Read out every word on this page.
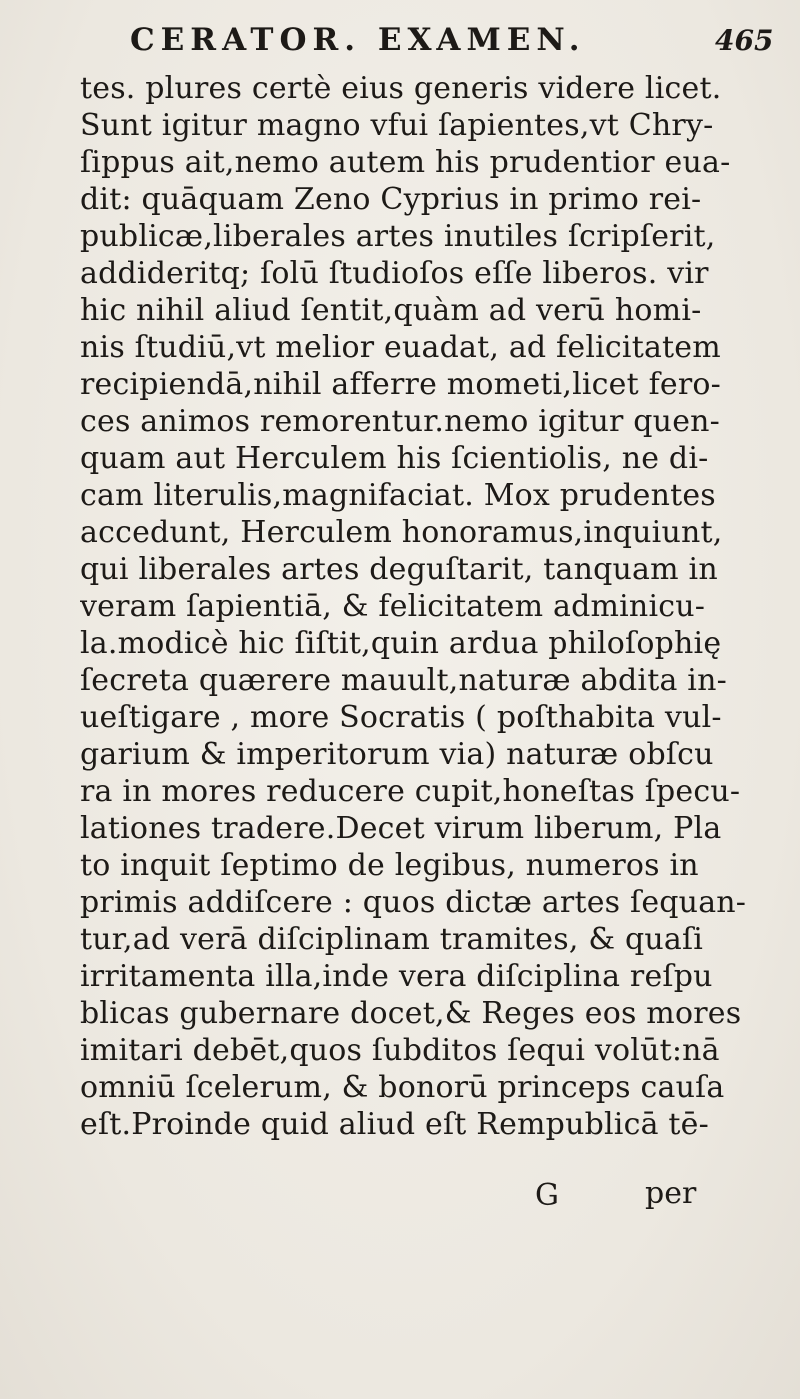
CERATOR. EXAMEN.	465
tes. plures certè eius generis videre licet.
Sunt igitur magno vfui ſapientes,vt Chry-
ſippus ait,nemo autem his prudentior eua-
dit: quāquam Zeno Cyprius in primo rei-
publicæ,liberales artes inutiles ſcripſerit,
addideritq; ſolū ſtudioſos eſſe liberos. vir
hic nihil aliud ſentit,quàm ad verū homi-
nis ſtudiū,vt melior euadat, ad felicitatem
recipiendā,nihil afferre mometi,licet fero-
ces animos remorentur.nemo igitur quen-
quam aut Herculem his ſcientiolis, ne di-
cam literulis,magnifaciat. Mox prudentes
accedunt, Herculem honoramus,inquiunt,
qui liberales artes deguſtarit, tanquam in
veram ſapientiā, & felicitatem adminicu-
la.modicè hic ſiſtit,quin ardua philoſophię
ſecreta quærere mauult,naturæ abdita in-
ueſtigare , more Socratis ( poſthabita vul-
garium & imperitorum via) naturæ obſcu
ra in mores reducere cupit,honeſtas ſpecu-
lationes tradere.Decet virum liberum, Pla
to inquit ſeptimo de legibus, numeros in
primis addiſcere : quos dictæ artes ſequan-
tur,ad verā diſciplinam tramites, & quaſi
irritamenta illa,inde vera diſciplina reſpu
blicas gubernare docet,& Reges eos mores
imitari debēt,quos ſubditos ſequi volūt:nā
omniū ſcelerum, & bonorū princeps cauſa
eſt.Proinde quid aliud eſt Rempublicā tē-
G	per
